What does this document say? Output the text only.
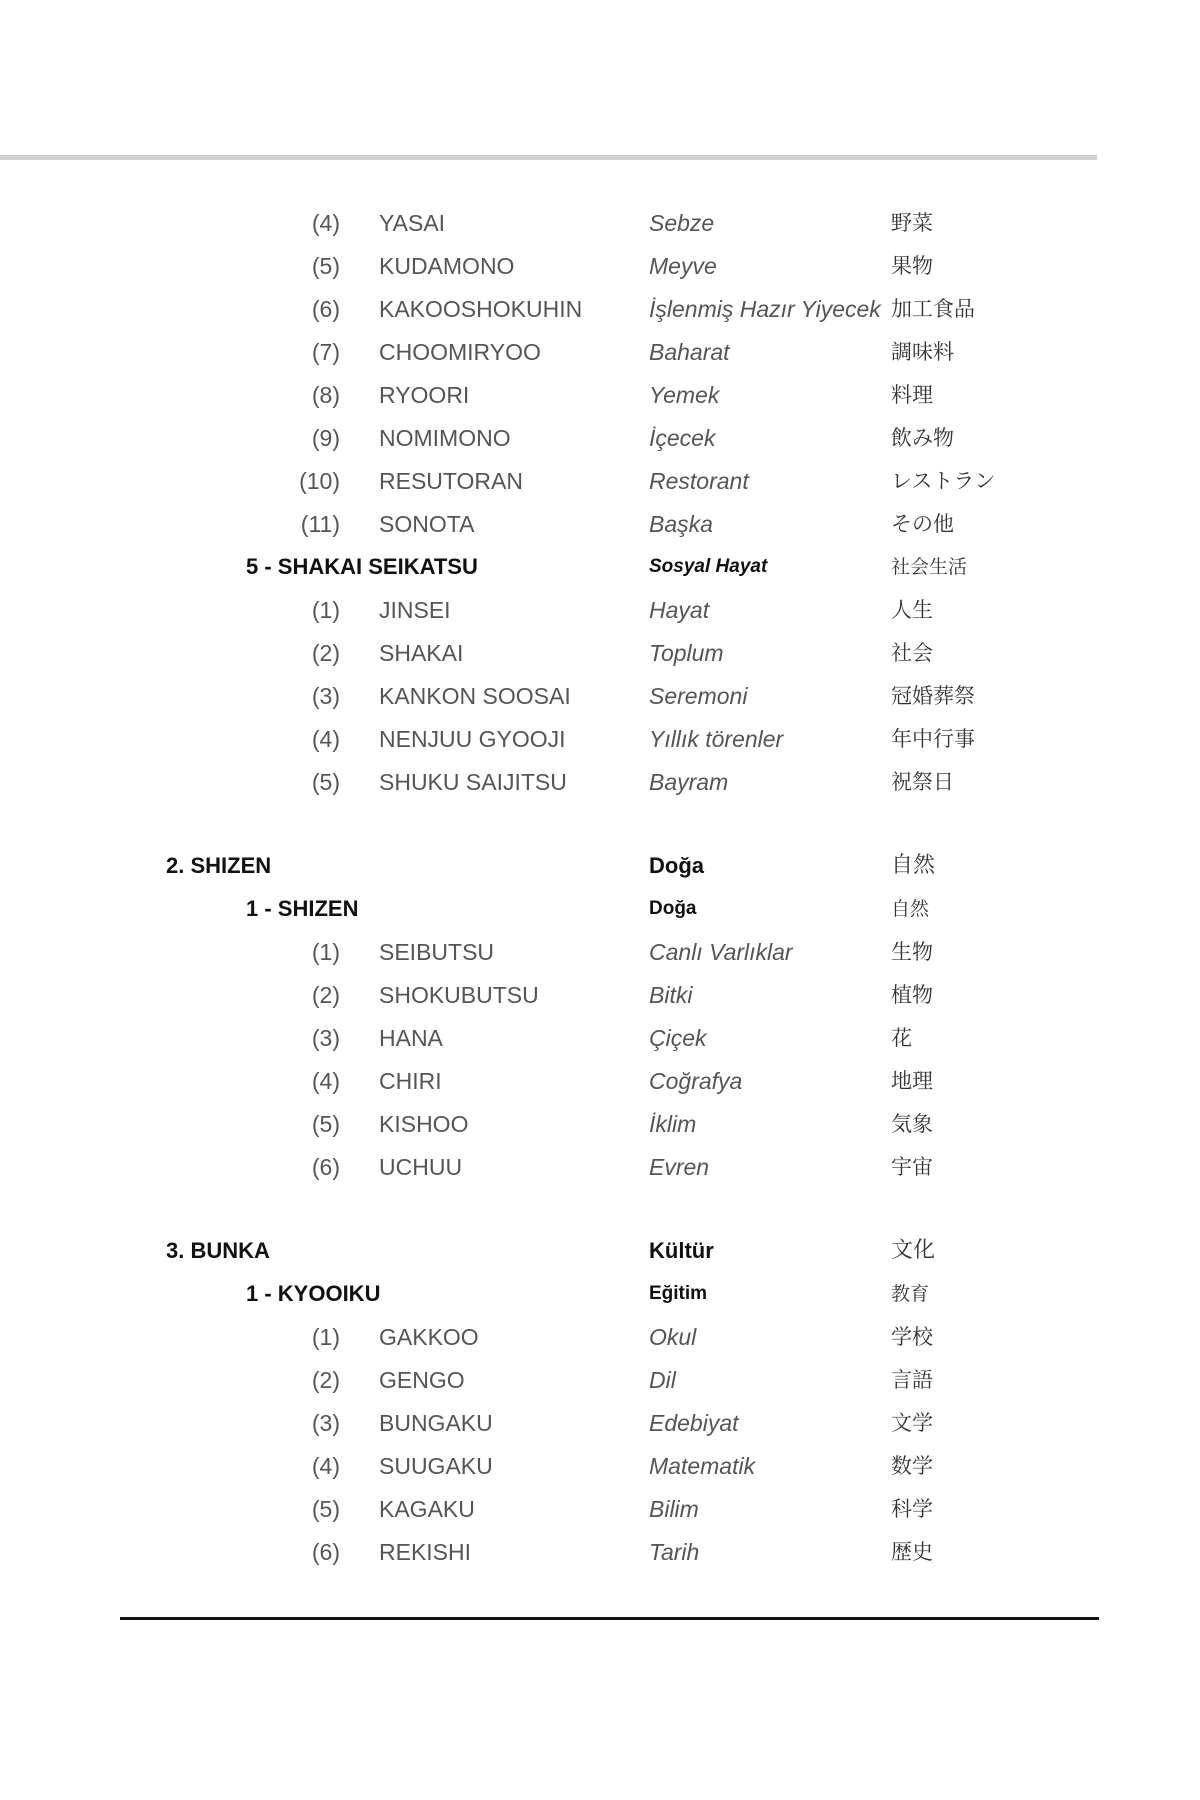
(4) YASAI	Sebze	野菜
(5) KUDAMONO	Meyve	果物
(6) KAKOOSHOKUHIN	İşlenmiş Hazır Yiyecek 加工食品
(7) CHOOMIRYOO	Baharat	調味料
(8) RYOORI	Yemek	料理
(9) NOMIMONO	İçecek	飲み物
(10) RESUTORAN	Restorant	レストラン
(11) SONOTA	Başka	その他
5 - SHAKAI SEIKATSU	Sosyal Hayat	社会生活
(1) JINSEI	Hayat	人生
(2) SHAKAI	Toplum	社会
(3) KANKON SOOSAI	Seremoni	冠婚葬祭
(4) NENJUU GYOOJI	Yıllık törenler	年中行事
(5) SHUKU SAIJITSU	Bayram	祝祭日
2. SHIZEN	Doğa	自然
1 - SHIZEN	Doğa	自然
(1) SEIBUTSU	Canlı Varlıklar	生物
(2) SHOKUBUTSU	Bitki	植物
(3) HANA	Çiçek	花
(4) CHIRI	Coğrafya	地理
(5) KISHOO	İklim	気象
(6) UCHUU	Evren	宇宙
3. BUNKA	Kültür	文化
1 - KYOOIKU	Eğitim	教育
(1) GAKKOO	Okul	学校
(2) GENGO	Dil	言語
(3) BUNGAKU	Edebiyat	文学
(4) SUUGAKU	Matematik	数学
(5) KAGAKU	Bilim	科学
(6) REKISHI	Tarih	歴史
